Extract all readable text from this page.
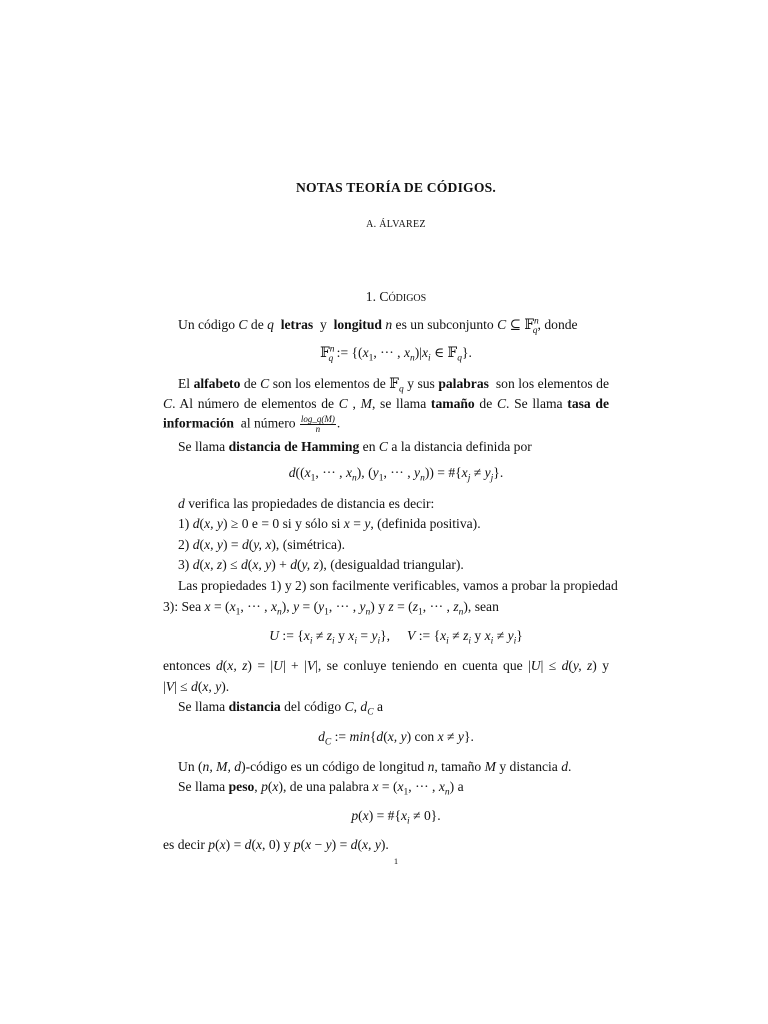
NOTAS TEORÍA DE CÓDIGOS.
A. ÁLVAREZ
1. Códigos
Un código C de q letras  y  longitud n es un subconjunto C ⊆ 𝔽$^n_q$, donde
𝔽$^n_q$ := {($x_1$, ··· , $x_n)|x_i$ ∈ 𝔽$_q$}.
El alfabeto de C son los elementos de 𝔽$_q$ y sus palabras  son los elementos de
C. Al número de elementos de C , M, se llama tamaño de C. Se llama tasa de
información  al número $\frac{\log\_q(M)}{n}$ .
Se llama distancia de Hamming en C a la distancia definida por
$d((x_1$, ··· , $x_n$), ($y_1$, ··· , $y_n$)) = $\#\{x_j \ne y_j\}$.
d verifica las propiedades de distancia es decir:
1) d(x, y) ≥ 0 e = 0 si y sólo si x = y, (definida positiva).
2) d(x, y) = d(y, x), (simétrica).
3) d(x, z) ≤ d(x, y) + d(y, z), (desigualdad triangular).
Las propiedades 1) y 2) son facilmente verificables, vamos a probar la propiedad
3): Sea $x = (x_1$, ··· , $x_n$), $y = (y_1$, ··· , $y_n$) y $z = (z_1$, ··· , $z_n$), sean
U := {$x_i \ne z_i$ y $x_i = y_i$},     V := {$x_i \ne z_i$ y $x_i \ne y_i$}
entonces d(x, z) = |U| + |V|, se conluye teniendo en cuenta que |U| ≤ d(y, z) y
|V| ≤ d(x, y).
Se llama distancia del código C, $d_C$ a
$d_C$ := min{d(x, y) con x ≠ y}.
Un (n, M, d)-código es un código de longitud n, tamaño M y distancia d.
Se llama peso, p(x), de una palabra $x = (x_1$, ··· , $x_n$) a
$p(x) = \#\{x_i \ne 0\}$.
es decir p(x) = d(x, 0) y p(x − y) = d(x, y).
1
